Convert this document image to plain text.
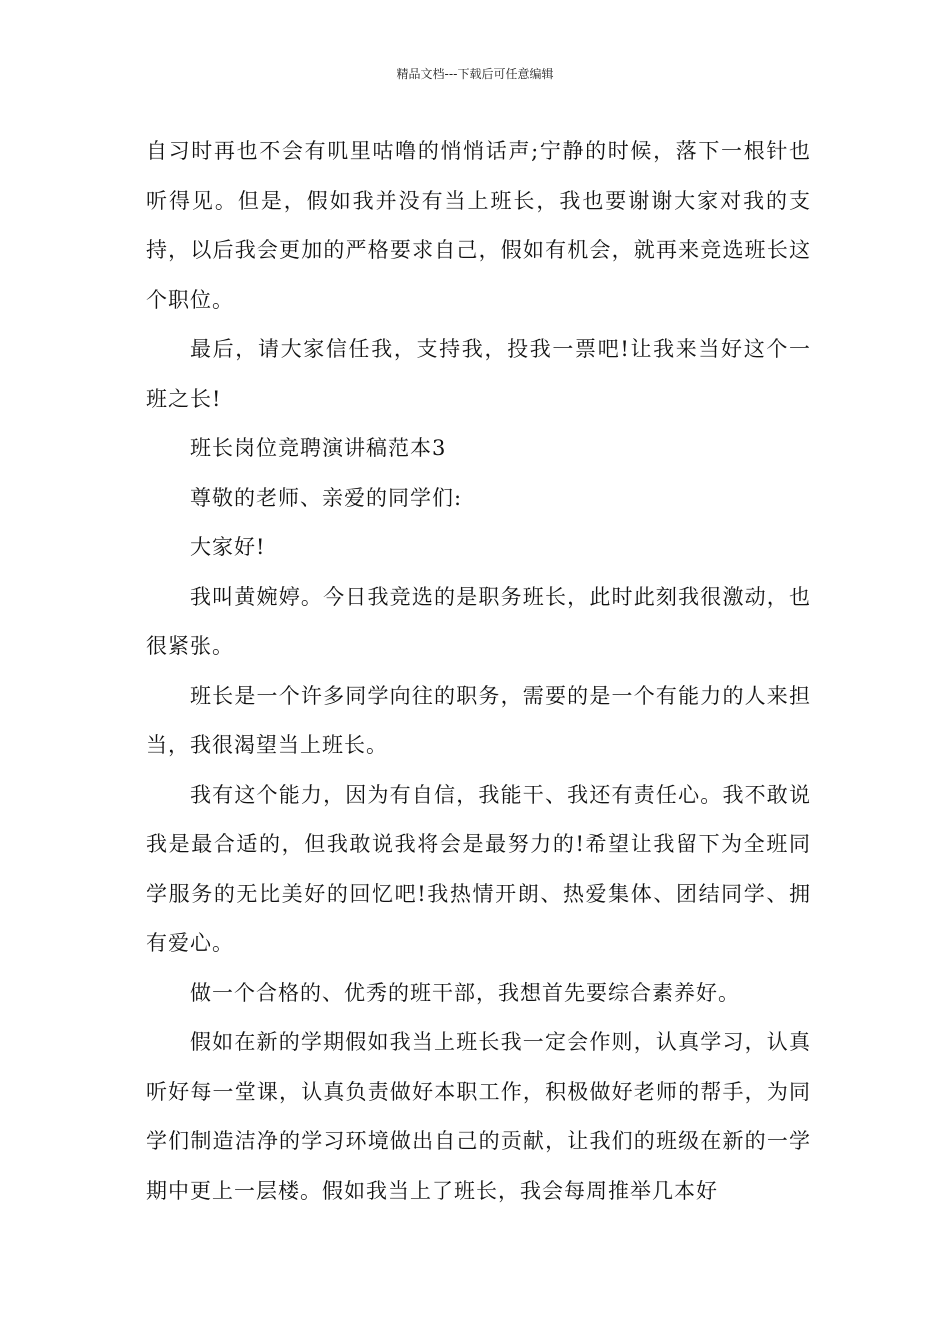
精品文档---下载后可任意编辑

自习时再也不会有叽里咕噜的悄悄话声;宁静的时候，落下一根针也听得见。但是，假如我并没有当上班长，我也要谢谢大家对我的支持，以后我会更加的严格要求自己，假如有机会，就再来竞选班长这个职位。

最后，请大家信任我，支持我，投我一票吧!让我来当好这个一班之长!

班长岗位竞聘演讲稿范本3

尊敬的老师、亲爱的同学们:

大家好!

我叫黄婉婷。今日我竞选的是职务班长，此时此刻我很激动，也很紧张。

班长是一个许多同学向往的职务，需要的是一个有能力的人来担当，我很渴望当上班长。

我有这个能力，因为有自信，我能干、我还有责任心。我不敢说我是最合适的，但我敢说我将会是最努力的!希望让我留下为全班同学服务的无比美好的回忆吧!我热情开朗、热爱集体、团结同学、拥有爱心。

做一个合格的、优秀的班干部，我想首先要综合素养好。

假如在新的学期假如我当上班长我一定会作则，认真学习，认真听好每一堂课，认真负责做好本职工作，积极做好老师的帮手，为同学们制造洁净的学习环境做出自己的贡献，让我们的班级在新的一学期中更上一层楼。假如我当上了班长，我会每周推举几本好
